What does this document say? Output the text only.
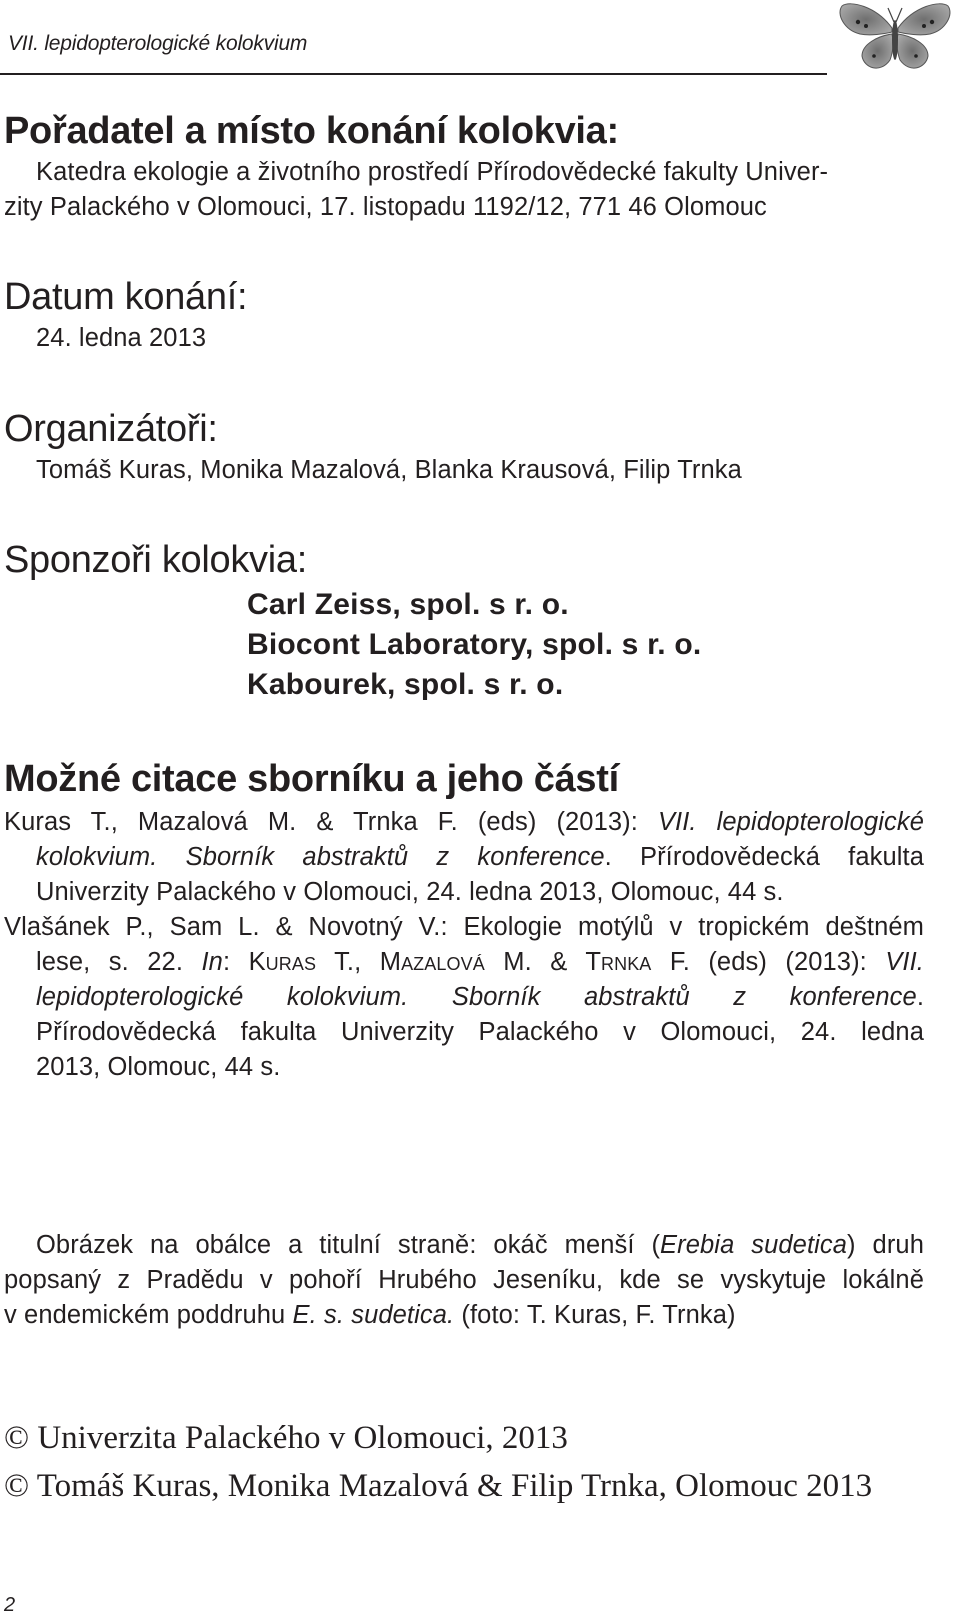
VII. lepidopterologické kolokvium
Pořadatel a místo konání kolokvia:
Katedra ekologie a životního prostředí Přírodovědecké fakulty Univer-
zity Palackého v Olomouci, 17. listopadu 1192/12, 771 46 Olomouc
Datum konání:
24. ledna 2013
Organizátoři:
Tomáš Kuras, Monika Mazalová, Blanka Krausová, Filip Trnka
Sponzoři kolokvia:
Carl Zeiss, spol. s r. o.
Biocont Laboratory, spol. s r. o.
Kabourek, spol. s r. o.
Možné citace sborníku a jeho částí
Kuras T., Mazalová M. & Trnka F. (eds) (2013): VII. lepidopterologické
kolokvium. Sborník abstraktů z konference. Přírodovědecká fakulta
Univerzity Palackého v Olomouci, 24. ledna 2013, Olomouc, 44 s.
Vlašánek P., Sam L. & Novotný V.: Ekologie motýlů v tropickém deštném
lese, s. 22. In: Kuras T., Mazalová M. & Trnka F. (eds) (2013): VII.
lepidopterologické kolokvium. Sborník abstraktů z konference.
Přírodovědecká fakulta Univerzity Palackého v Olomouci, 24. ledna
2013, Olomouc, 44 s.
Obrázek na obálce a titulní straně: okáč menší (Erebia sudetica) druh
popsaný z Pradědu v pohoří Hrubého Jeseníku, kde se vyskytuje lokálně
v endemickém poddruhu E. s. sudetica. (foto: T. Kuras, F. Trnka)
© Univerzita Palackého v Olomouci, 2013
© Tomáš Kuras, Monika Mazalová & Filip Trnka, Olomouc 2013
2
